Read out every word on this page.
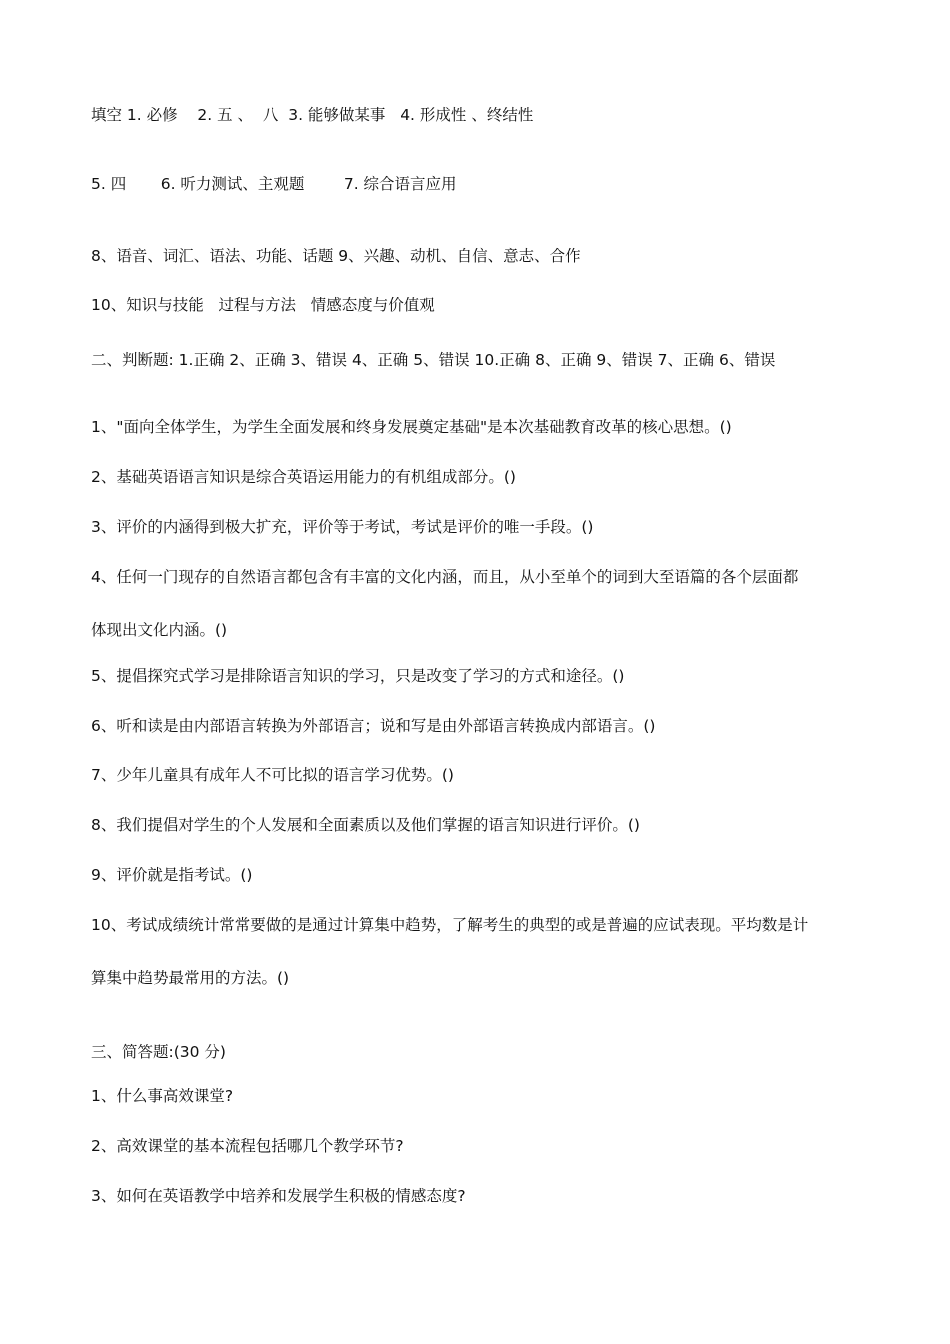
填空 1. 必修    2. 五 、  八  3. 能够做某事   4. 形成性 、终结性
5. 四       6. 听力测试、主观题        7. 综合语言应用
8、语音、词汇、语法、功能、话题 9、兴趣、动机、自信、意志、合作
10、知识与技能   过程与方法   情感态度与价值观
二、判断题: 1.正确 2、正确 3、错误 4、正确 5、错误 10.正确 8、正确 9、错误 7、正确 6、错误
1、"面向全体学生，为学生全面发展和终身发展奠定基础"是本次基础教育改革的核心思想。()
2、基础英语语言知识是综合英语运用能力的有机组成部分。()
3、评价的内涵得到极大扩充，评价等于考试，考试是评价的唯一手段。()
4、任何一门现存的自然语言都包含有丰富的文化内涵，而且，从小至单个的词到大至语篇的各个层面都
体现出文化内涵。()
5、提倡探究式学习是排除语言知识的学习，只是改变了学习的方式和途径。()
6、听和读是由内部语言转换为外部语言；说和写是由外部语言转换成内部语言。()
7、少年儿童具有成年人不可比拟的语言学习优势。()
8、我们提倡对学生的个人发展和全面素质以及他们掌握的语言知识进行评价。()
9、评价就是指考试。()
10、考试成绩统计常常要做的是通过计算集中趋势，了解考生的典型的或是普遍的应试表现。平均数是计
算集中趋势最常用的方法。()
三、简答题:(30 分)
1、什么事高效课堂?
2、高效课堂的基本流程包括哪几个教学环节?
3、如何在英语教学中培养和发展学生积极的情感态度?
